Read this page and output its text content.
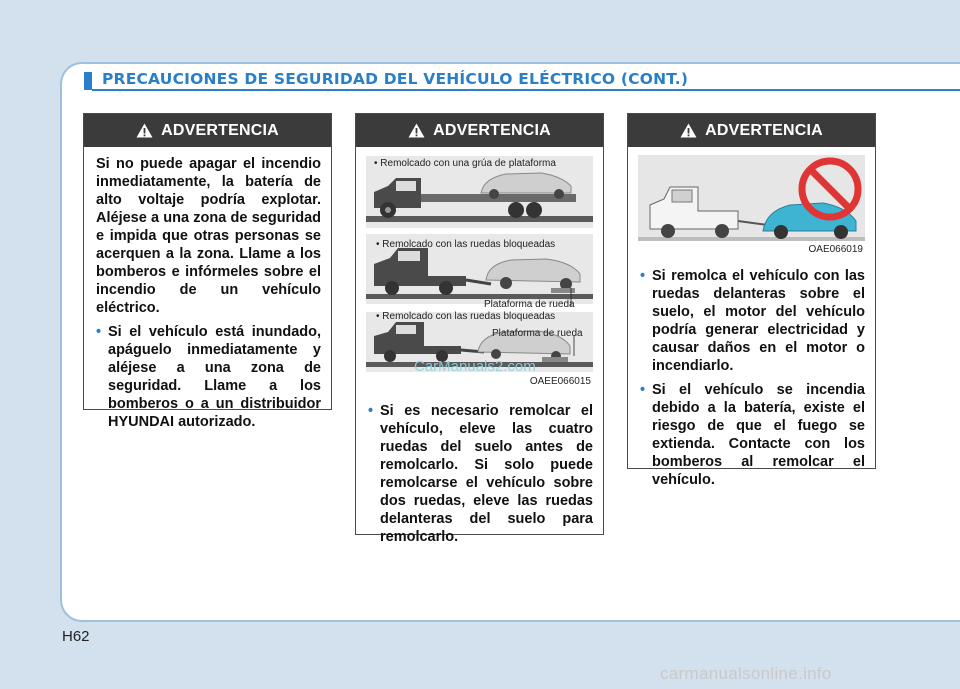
PRECAUCIONES DE SEGURIDAD DEL VEHÍCULO ELÉCTRICO (CONT.)
ADVERTENCIA
Si no puede apagar el incendio inmediatamente, la batería de alto voltaje podría explotar. Aléjese a una zona de seguridad e impida que otras personas se acerquen a la zona. Llame a los bomberos e infórmeles sobre el incendio de un vehículo eléctrico.
• Si el vehículo está inundado, apáguelo inmediatamente y aléjese a una zona de seguridad. Llame a los bomberos o a un distribuidor HYUNDAI autorizado.
ADVERTENCIA
• Remolcado con una grúa de plataforma
• Remolcado con las ruedas bloqueadas
Plataforma de rueda
• Remolcado con las ruedas bloqueadas
Plataforma de rueda
CarManuals2.com
OAEE066015
• Si es necesario remolcar el vehículo, eleve las cuatro ruedas del suelo antes de remolcarlo. Si solo puede remolcarse el vehículo sobre dos ruedas, eleve las ruedas delanteras del suelo para remolcarlo.
ADVERTENCIA
OAE066019
• Si remolca el vehículo con las ruedas delanteras sobre el suelo, el motor del vehículo podría generar electricidad y causar daños en el motor o incendiarlo.
• Si el vehículo se incendia debido a la batería, existe el riesgo de que el fuego se extienda. Contacte con los bomberos al remolcar el vehículo.
H62
carmanualsonline.info
